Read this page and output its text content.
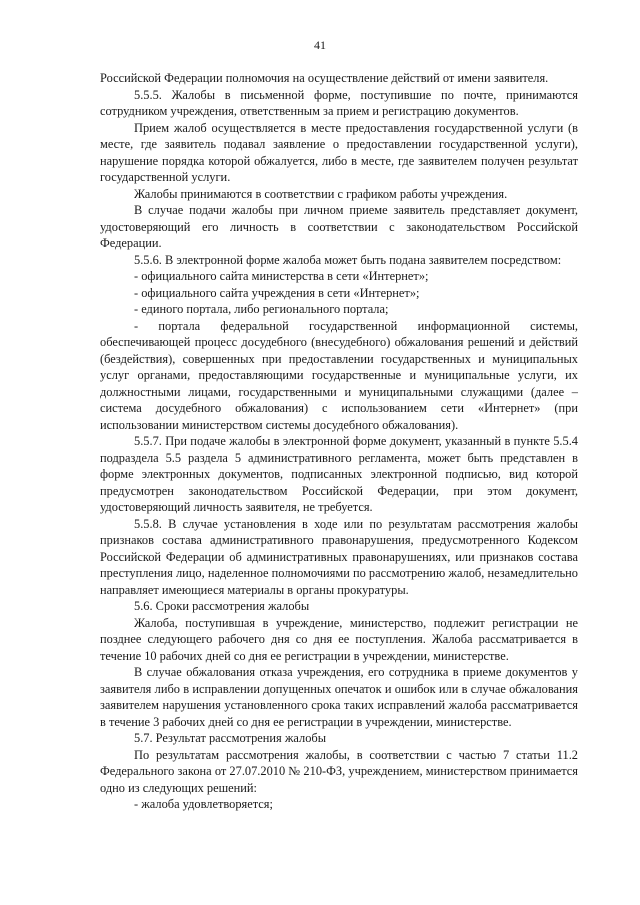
41

Российской Федерации полномочия на осуществление действий от имени заявителя.

5.5.5. Жалобы в письменной форме, поступившие по почте, принимаются сотрудником учреждения, ответственным за прием и регистрацию документов.

Прием жалоб осуществляется в месте предоставления государственной услуги (в месте, где заявитель подавал заявление о предоставлении государственной услуги), нарушение порядка которой обжалуется, либо в месте, где заявителем получен результат государственной услуги.

Жалобы принимаются в соответствии с графиком работы учреждения.

В случае подачи жалобы при личном приеме заявитель представляет документ, удостоверяющий его личность в соответствии с законодательством Российской Федерации.

5.5.6. В электронной форме жалоба может быть подана заявителем посредством:

- официального сайта министерства в сети «Интернет»;

- официального сайта учреждения в сети «Интернет»;

- единого портала, либо регионального портала;

- портала федеральной государственной информационной системы, обеспечивающей процесс досудебного (внесудебного) обжалования решений и действий (бездействия), совершенных при предоставлении государственных и муниципальных услуг органами, предоставляющими государственные и муниципальные услуги, их должностными лицами, государственными и муниципальными служащими (далее – система досудебного обжалования) с использованием сети «Интернет» (при использовании министерством системы досудебного обжалования).

5.5.7. При подаче жалобы в электронной форме документ, указанный в пункте 5.5.4 подраздела 5.5 раздела 5 административного регламента, может быть представлен в форме электронных документов, подписанных электронной подписью, вид которой предусмотрен законодательством Российской Федерации, при этом документ, удостоверяющий личность заявителя, не требуется.

5.5.8. В случае установления в ходе или по результатам рассмотрения жалобы признаков состава административного правонарушения, предусмотренного Кодексом Российской Федерации об административных правонарушениях, или признаков состава преступления лицо, наделенное полномочиями по рассмотрению жалоб, незамедлительно направляет имеющиеся материалы в органы прокуратуры.

5.6. Сроки рассмотрения жалобы

Жалоба, поступившая в учреждение, министерство, подлежит регистрации не позднее следующего рабочего дня со дня ее поступления. Жалоба рассматривается в течение 10 рабочих дней со дня ее регистрации в учреждении, министерстве.

В случае обжалования отказа учреждения, его сотрудника в приеме документов у заявителя либо в исправлении допущенных опечаток и ошибок или в случае обжалования заявителем нарушения установленного срока таких исправлений жалоба рассматривается в течение 3 рабочих дней со дня ее регистрации в учреждении, министерстве.

5.7. Результат рассмотрения жалобы

По результатам рассмотрения жалобы, в соответствии с частью 7 статьи 11.2 Федерального закона от 27.07.2010 № 210-ФЗ, учреждением, министерством принимается одно из следующих решений:

- жалоба удовлетворяется;
